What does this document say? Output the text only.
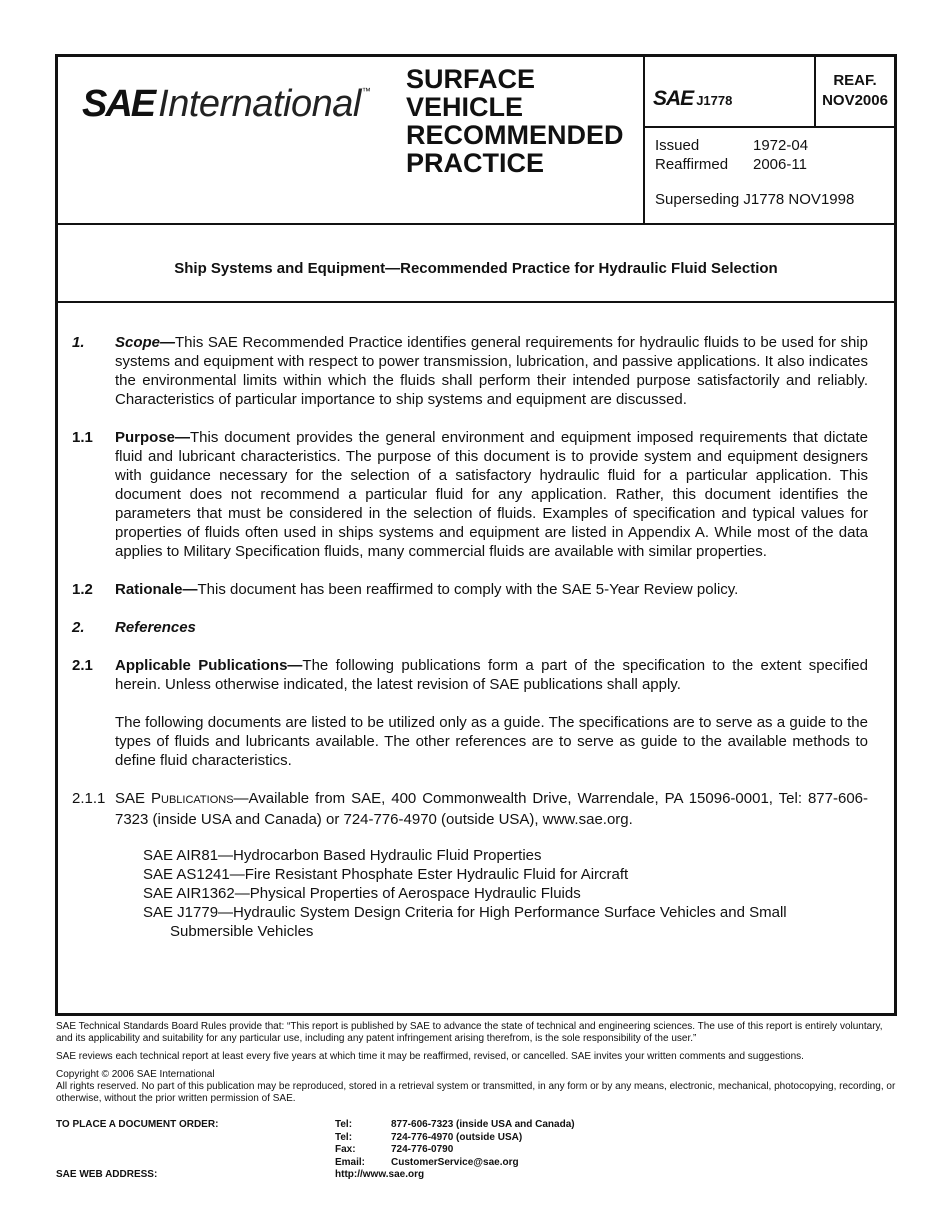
SAE International ™ SURFACE
VEHICLE
RECOMMENDED
PRACTICE
SAE J1778
REAF.
NOV2006
Issued	1972-04
Reaffirmed	2006-11
Superseding J1778 NOV1998
Ship Systems and Equipment—Recommended Practice for Hydraulic Fluid Selection
1.	Scope—This SAE Recommended Practice identifies general requirements for hydraulic fluids to be used for ship systems and equipment with respect to power transmission, lubrication, and passive applications. It also indicates the environmental limits within which the fluids shall perform their intended purpose satisfactorily and reliably. Characteristics of particular importance to ship systems and equipment are discussed.
1.1	Purpose—This document provides the general environment and equipment imposed requirements that dictate fluid and lubricant characteristics. The purpose of this document is to provide system and equipment designers with guidance necessary for the selection of a satisfactory hydraulic fluid for a particular application. This document does not recommend a particular fluid for any application. Rather, this document identifies the parameters that must be considered in the selection of fluids. Examples of specification and typical values for properties of fluids often used in ships systems and equipment are listed in Appendix A. While most of the data applies to Military Specification fluids, many commercial fluids are available with similar properties.
1.2	Rationale—This document has been reaffirmed to comply with the SAE 5-Year Review policy.
2.	References
2.1	Applicable Publications—The following publications form a part of the specification to the extent specified herein. Unless otherwise indicated, the latest revision of SAE publications shall apply.
The following documents are listed to be utilized only as a guide. The specifications are to serve as a guide to the types of fluids and lubricants available. The other references are to serve as guide to the available methods to define fluid characteristics.
2.1.1 SAE PUBLICATIONS—Available from SAE, 400 Commonwealth Drive, Warrendale, PA 15096-0001, Tel: 877-606-7323 (inside USA and Canada) or 724-776-4970 (outside USA), www.sae.org.
SAE AIR81—Hydrocarbon Based Hydraulic Fluid Properties
SAE AS1241—Fire Resistant Phosphate Ester Hydraulic Fluid for Aircraft
SAE AIR1362—Physical Properties of Aerospace Hydraulic Fluids
SAE J1779—Hydraulic System Design Criteria for High Performance Surface Vehicles and Small
Submersible Vehicles

SAE Technical Standards Board Rules provide that: “This report is published by SAE to advance the state of technical and engineering sciences. The use of this report is entirely voluntary, and its applicability and suitability for any particular use, including any patent infringement arising therefrom, is the sole responsibility of the user.”

SAE reviews each technical report at least every five years at which time it may be reaffirmed, revised, or cancelled. SAE invites your written comments and suggestions.

Copyright © 2006 SAE International

All rights reserved. No part of this publication may be reproduced, stored in a retrieval system or transmitted, in any form or by any means, electronic, mechanical, photocopying, recording, or otherwise, without the prior written permission of SAE.

TO PLACE A DOCUMENT ORDER:
SAE WEB ADDRESS:
Tel:	877-606-7323 (inside USA and Canada)
Tel:	724-776-4970 (outside USA)
Fax:	724-776-0790
Email:	CustomerService@sae.org
http://www.sae.org
